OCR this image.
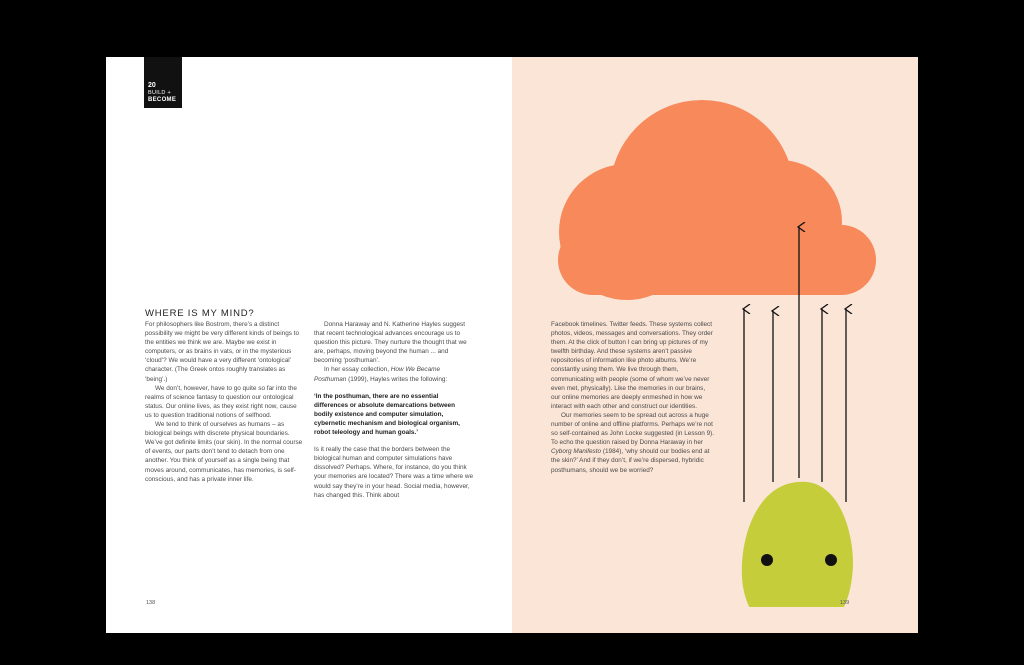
20
BUILD +
BECOME
WHERE IS MY MIND?

For philosophers like Bostrom, there’s a distinct possibility we might be very different kinds of beings to the entities we think we are. Maybe we exist in computers, or as brains in vats, or in the mysterious ‘cloud’? We would have a very different ‘ontological’ character. (The Greek ontos roughly translates as ‘being’.)

We don’t, however, have to go quite so far into the realms of science fantasy to question our ontological status. Our online lives, as they exist right now, cause us to question traditional notions of selfhood.

We tend to think of ourselves as humans – as biological beings with discrete physical boundaries. We’ve got definite limits (our skin). In the normal course of events, our parts don’t tend to detach from one another. You think of yourself as a single being that moves around, communicates, has memories, is self-conscious, and has a private inner life.

Donna Haraway and N. Katherine Hayles suggest that recent technological advances encourage us to question this picture. They nurture the thought that we are, perhaps, moving beyond the human ... and becoming ‘posthuman’.

In her essay collection, How We Became Posthuman (1999), Hayles writes the following:

‘In the posthuman, there are no essential differences or absolute demarcations between bodily existence and computer simulation, cybernetic mechanism and biological organism, robot teleology and human goals.’

Is it really the case that the borders between the biological human and computer simulations have dissolved? Perhaps. Where, for instance, do you think your memories are located? There was a time where we would say they’re in your head. Social media, however, has changed this. Think about

138

Facebook timelines. Twitter feeds. These systems collect photos, videos, messages and conversations. They order them. At the click of button I can bring up pictures of my twelfth birthday. And these systems aren’t passive repositories of information like photo albums. We’re constantly using them. We live through them, communicating with people (some of whom we’ve never even met, physically). Like the memories in our brains, our online memories are deeply enmeshed in how we interact with each other and construct our identities.

Our memories seem to be spread out across a huge number of online and offline platforms. Perhaps we’re not so self-contained as John Locke suggested (in Lesson 9). To echo the question raised by Donna Haraway in her Cyborg Manifesto (1984), ‘why should our bodies end at the skin?’ And if they don’t, if we’re dispersed, hybridic posthumans, should we be worried?

139
